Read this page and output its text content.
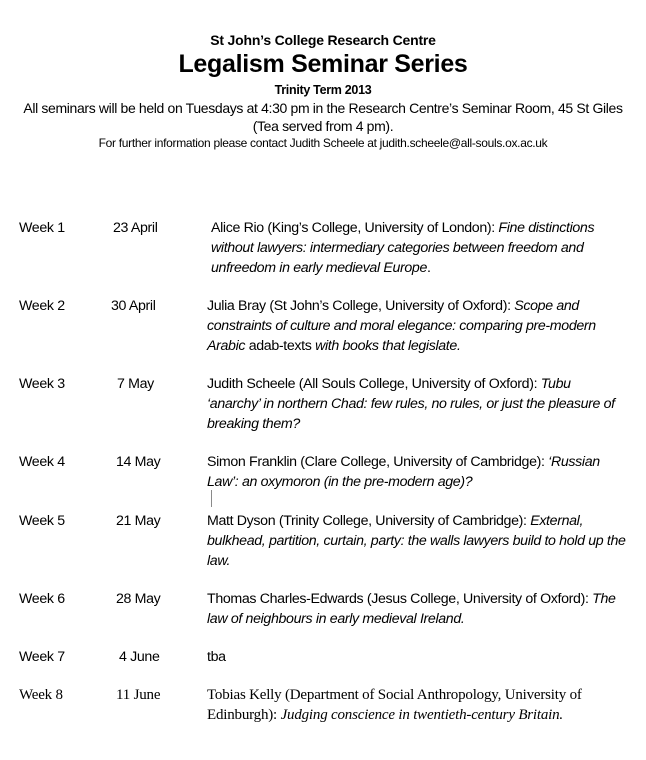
St John’s College Research Centre
Legalism Seminar Series
Trinity Term 2013
All seminars will be held on Tuesdays at 4:30 pm in the Research Centre’s Seminar Room, 45 St Giles
(Tea served from 4 pm).
For further information please contact Judith Scheele at judith.scheele@all-souls.ox.ac.uk
Week 1	23 April	Alice Rio (King’s College, University of London): Fine distinctions without lawyers: intermediary categories between freedom and unfreedom in early medieval Europe.
Week 2	30 April	Julia Bray (St John’s College, University of Oxford): Scope and constraints of culture and moral elegance: comparing pre-modern Arabic adab-texts with books that legislate.
Week 3	7 May	Judith Scheele (All Souls College, University of Oxford): Tubu ‘anarchy’ in northern Chad: few rules, no rules, or just the pleasure of breaking them?
Week 4	14 May	Simon Franklin (Clare College, University of Cambridge): ‘Russian Law’: an oxymoron (in the pre-modern age)?
Week 5	21 May	Matt Dyson (Trinity College, University of Cambridge): External, bulkhead, partition, curtain, party: the walls lawyers build to hold up the law.
Week 6	28 May	Thomas Charles-Edwards (Jesus College, University of Oxford): The law of neighbours in early medieval Ireland.
Week 7	4 June	tba
Week 8	11 June	Tobias Kelly (Department of Social Anthropology, University of Edinburgh): Judging conscience in twentieth-century Britain.
